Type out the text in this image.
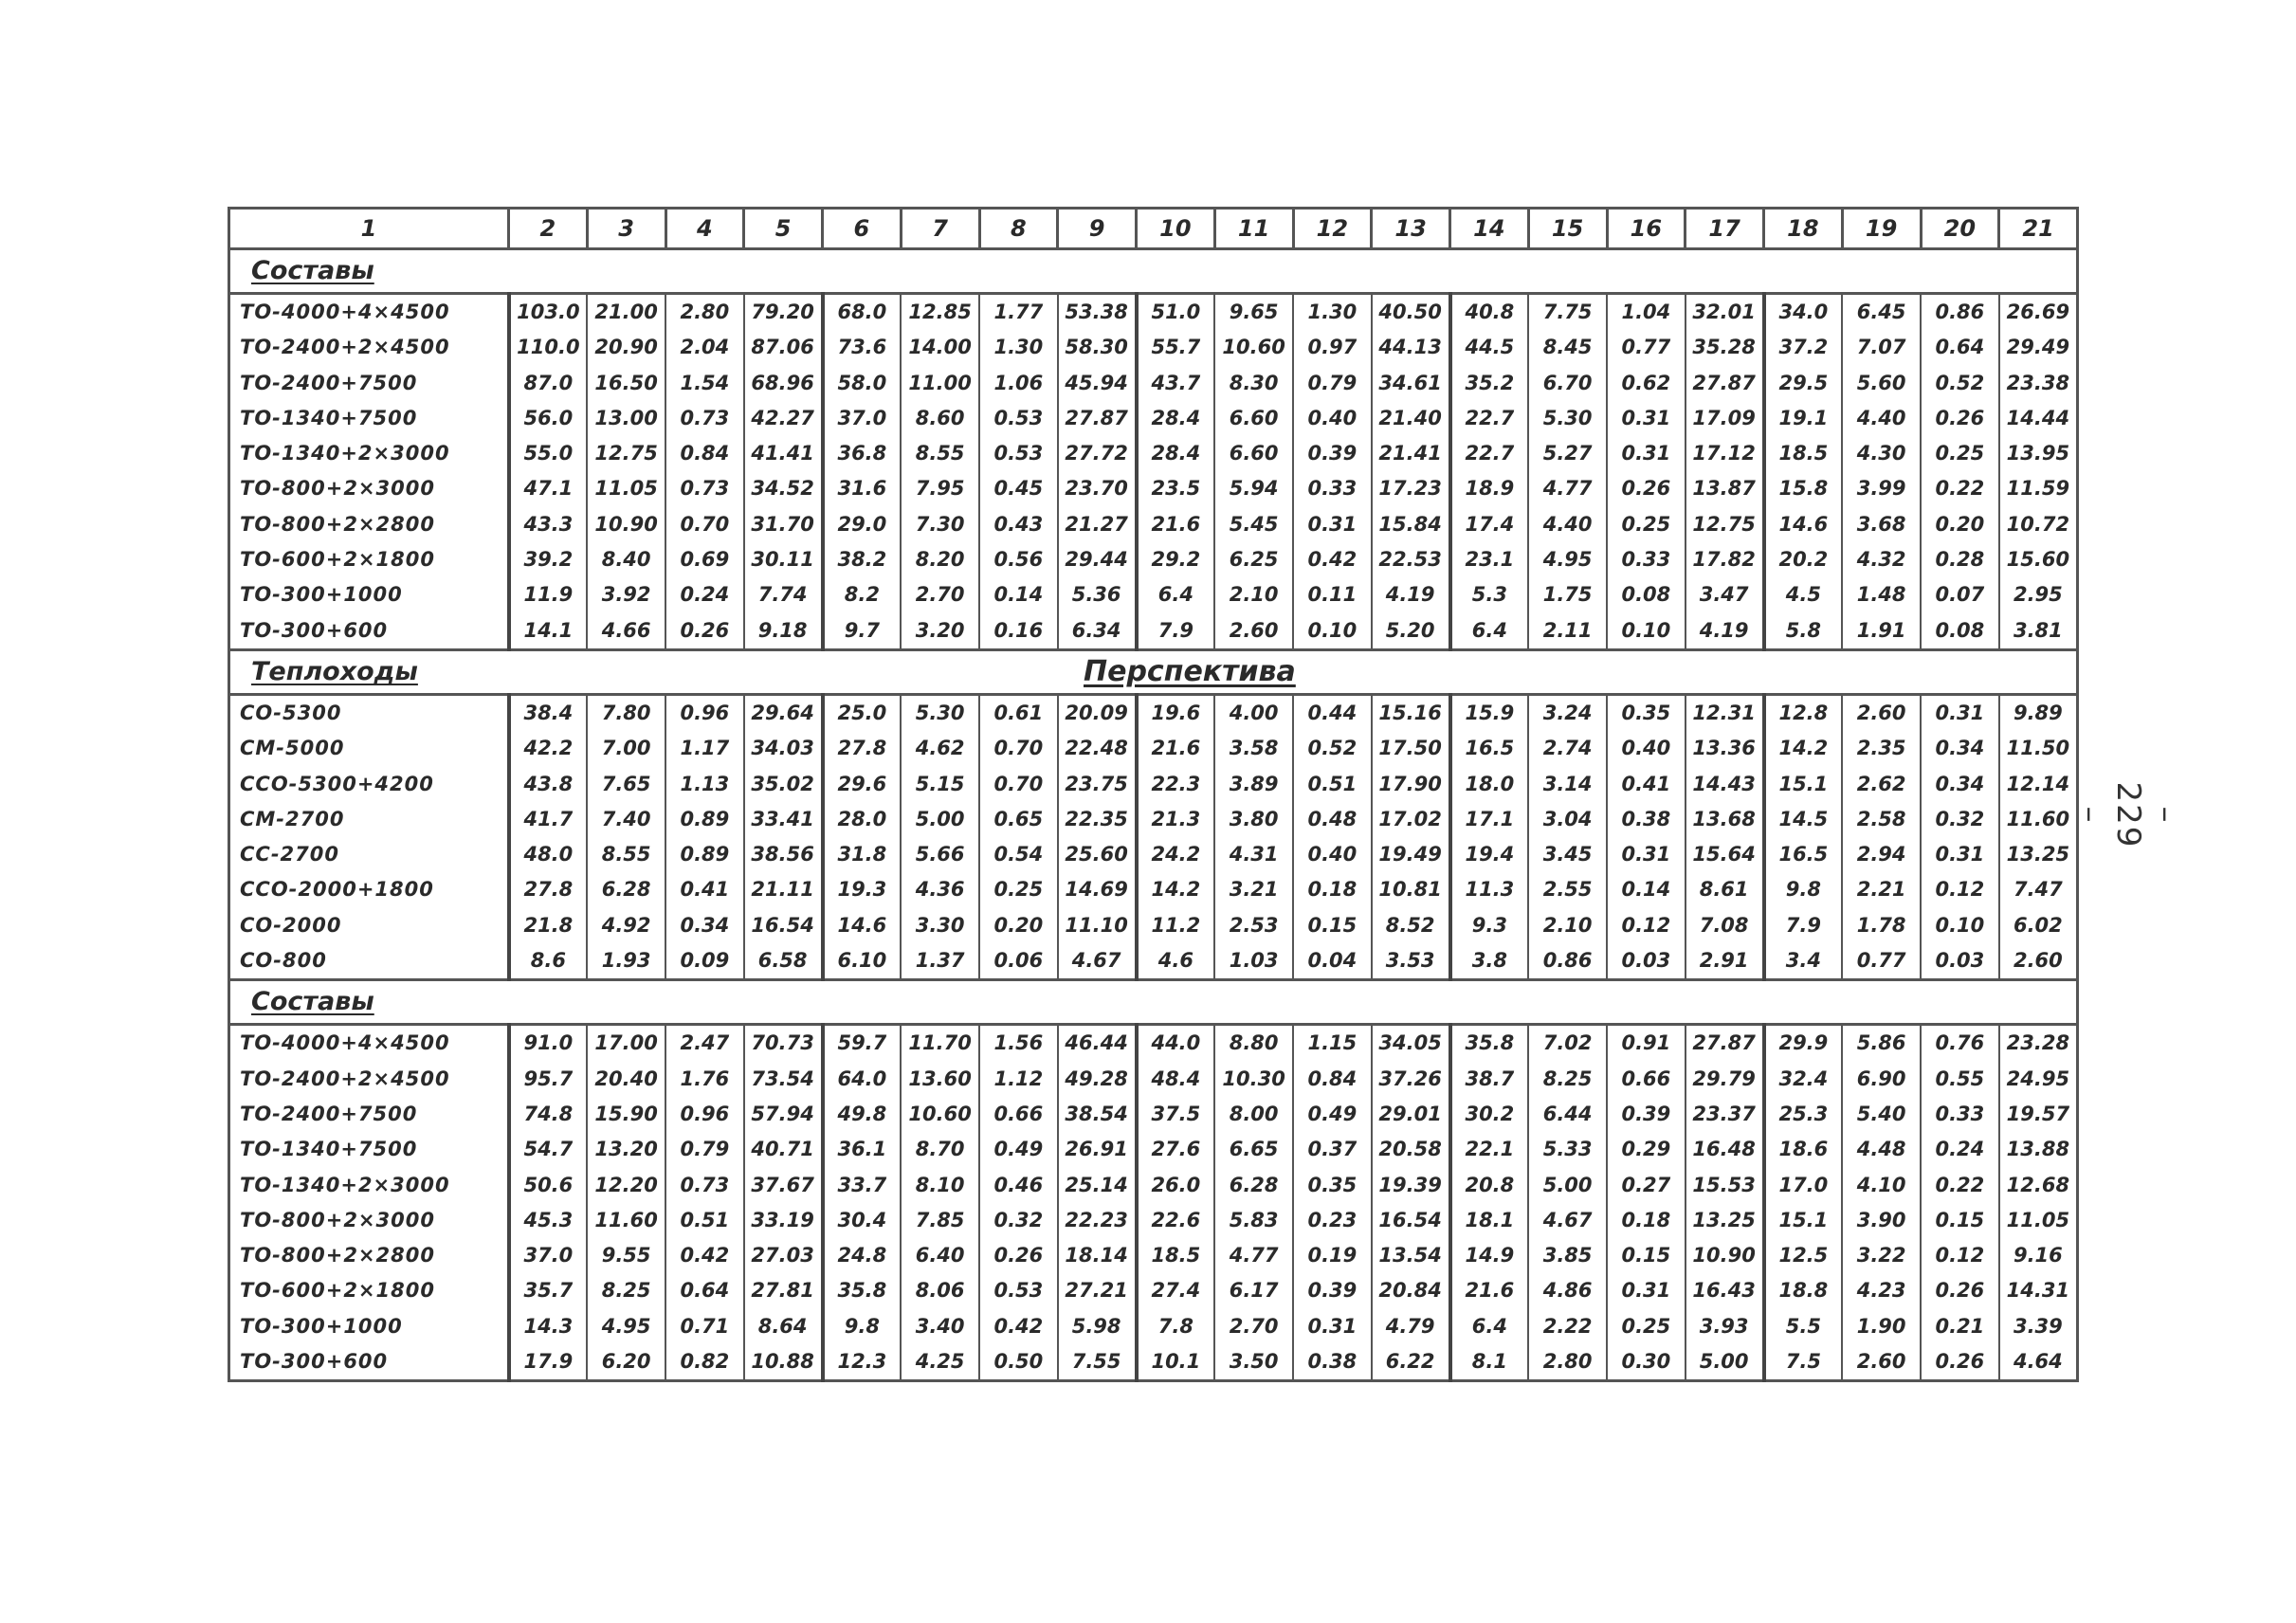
1	2	3	4	5	6	7	8	9	10	11	12	13	14	15	16	17	18	19	20	21
Составы																				
ТО-4000+4×4500	103.0	21.00	2.80	79.20	68.0	12.85	1.77	53.38	51.0	9.65	1.30	40.50	40.8	7.75	1.04	32.01	34.0	6.45	0.86	26.69
ТО-2400+2×4500	110.0	20.90	2.04	87.06	73.6	14.00	1.30	58.30	55.7	10.60	0.97	44.13	44.5	8.45	0.77	35.28	37.2	7.07	0.64	29.49
ТО-2400+7500	87.0	16.50	1.54	68.96	58.0	11.00	1.06	45.94	43.7	8.30	0.79	34.61	35.2	6.70	0.62	27.87	29.5	5.60	0.52	23.38
ТО-1340+7500	56.0	13.00	0.73	42.27	37.0	8.60	0.53	27.87	28.4	6.60	0.40	21.40	22.7	5.30	0.31	17.09	19.1	4.40	0.26	14.44
ТО-1340+2×3000	55.0	12.75	0.84	41.41	36.8	8.55	0.53	27.72	28.4	6.60	0.39	21.41	22.7	5.27	0.31	17.12	18.5	4.30	0.25	13.95
ТО-800+2×3000	47.1	11.05	0.73	34.52	31.6	7.95	0.45	23.70	23.5	5.94	0.33	17.23	18.9	4.77	0.26	13.87	15.8	3.99	0.22	11.59
ТО-800+2×2800	43.3	10.90	0.70	31.70	29.0	7.30	0.43	21.27	21.6	5.45	0.31	15.84	17.4	4.40	0.25	12.75	14.6	3.68	0.20	10.72
ТО-600+2×1800	39.2	8.40	0.69	30.11	38.2	8.20	0.56	29.44	29.2	6.25	0.42	22.53	23.1	4.95	0.33	17.82	20.2	4.32	0.28	15.60
ТО-300+1000	11.9	3.92	0.24	7.74	8.2	2.70	0.14	5.36	6.4	2.10	0.11	4.19	5.3	1.75	0.08	3.47	4.5	1.48	0.07	2.95
ТО-300+600	14.1	4.66	0.26	9.18	9.7	3.20	0.16	6.34	7.9	2.60	0.10	5.20	6.4	2.11	0.10	4.19	5.8	1.91	0.08	3.81
Теплоходы Перспектива																				

СО-5300	38.4	7.80	0.96	29.64	25.0	5.30	0.61	20.09	19.6	4.00	0.44	15.16	15.9	3.24	0.35	12.31	12.8	2.60	0.31	9.89
СМ-5000	42.2	7.00	1.17	34.03	27.8	4.62	0.70	22.48	21.6	3.58	0.52	17.50	16.5	2.74	0.40	13.36	14.2	2.35	0.34	11.50
ССО-5300+4200	43.8	7.65	1.13	35.02	29.6	5.15	0.70	23.75	22.3	3.89	0.51	17.90	18.0	3.14	0.41	14.43	15.1	2.62	0.34	12.14
СМ-2700	41.7	7.40	0.89	33.41	28.0	5.00	0.65	22.35	21.3	3.80	0.48	17.02	17.1	3.04	0.38	13.68	14.5	2.58	0.32	11.60
СС-2700	48.0	8.55	0.89	38.56	31.8	5.66	0.54	25.60	24.2	4.31	0.40	19.49	19.4	3.45	0.31	15.64	16.5	2.94	0.31	13.25
ССО-2000+1800	27.8	6.28	0.41	21.11	19.3	4.36	0.25	14.69	14.2	3.21	0.18	10.81	11.3	2.55	0.14	8.61	9.8	2.21	0.12	7.47
СО-2000	21.8	4.92	0.34	16.54	14.6	3.30	0.20	11.10	11.2	2.53	0.15	8.52	9.3	2.10	0.12	7.08	7.9	1.78	0.10	6.02
СО-800	8.6	1.93	0.09	6.58	6.10	1.37	0.06	4.67	4.6	1.03	0.04	3.53	3.8	0.86	0.03	2.91	3.4	0.77	0.03	2.60
Составы																				
ТО-4000+4×4500	91.0	17.00	2.47	70.73	59.7	11.70	1.56	46.44	44.0	8.80	1.15	34.05	35.8	7.02	0.91	27.87	29.9	5.86	0.76	23.28
ТО-2400+2×4500	95.7	20.40	1.76	73.54	64.0	13.60	1.12	49.28	48.4	10.30	0.84	37.26	38.7	8.25	0.66	29.79	32.4	6.90	0.55	24.95
ТО-2400+7500	74.8	15.90	0.96	57.94	49.8	10.60	0.66	38.54	37.5	8.00	0.49	29.01	30.2	6.44	0.39	23.37	25.3	5.40	0.33	19.57
ТО-1340+7500	54.7	13.20	0.79	40.71	36.1	8.70	0.49	26.91	27.6	6.65	0.37	20.58	22.1	5.33	0.29	16.48	18.6	4.48	0.24	13.88
ТО-1340+2×3000	50.6	12.20	0.73	37.67	33.7	8.10	0.46	25.14	26.0	6.28	0.35	19.39	20.8	5.00	0.27	15.53	17.0	4.10	0.22	12.68
ТО-800+2×3000	45.3	11.60	0.51	33.19	30.4	7.85	0.32	22.23	22.6	5.83	0.23	16.54	18.1	4.67	0.18	13.25	15.1	3.90	0.15	11.05
ТО-800+2×2800	37.0	9.55	0.42	27.03	24.8	6.40	0.26	18.14	18.5	4.77	0.19	13.54	14.9	3.85	0.15	10.90	12.5	3.22	0.12	9.16
ТО-600+2×1800	35.7	8.25	0.64	27.81	35.8	8.06	0.53	27.21	27.4	6.17	0.39	20.84	21.6	4.86	0.31	16.43	18.8	4.23	0.26	14.31
ТО-300+1000	14.3	4.95	0.71	8.64	9.8	3.40	0.42	5.98	7.8	2.70	0.31	4.79	6.4	2.22	0.25	3.93	5.5	1.90	0.21	3.39
ТО-300+600	17.9	6.20	0.82	10.88	12.3	4.25	0.50	7.55	10.1	3.50	0.38	6.22	8.1	2.80	0.30	5.00	7.5	2.60	0.26	4.64
– 229 –
